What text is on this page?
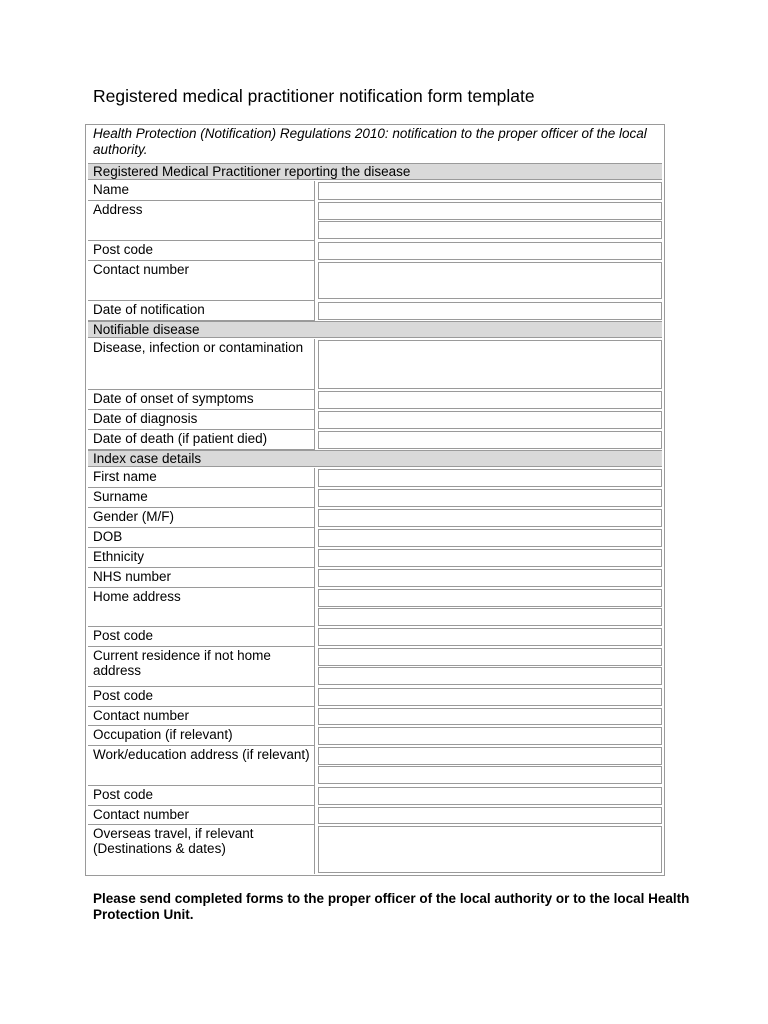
Registered medical practitioner notification form template
Health Protection (Notification) Regulations 2010: notification to the proper officer of the local authority.
Registered Medical Practitioner reporting the disease
Name
Address
Post code
Contact number
Date of notification
Notifiable disease
Disease, infection or contamination
Date of onset of symptoms
Date of diagnosis
Date of death (if patient died)
Index case details
First name
Surname
Gender (M/F)
DOB
Ethnicity
NHS number
Home address
Post code
Current residence if not home address
Post code
Contact number
Occupation (if relevant)
Work/education address (if relevant)
Post code
Contact number
Overseas travel, if relevant (Destinations & dates)
Please send completed forms to the proper officer of the local authority or to the local Health Protection Unit.
